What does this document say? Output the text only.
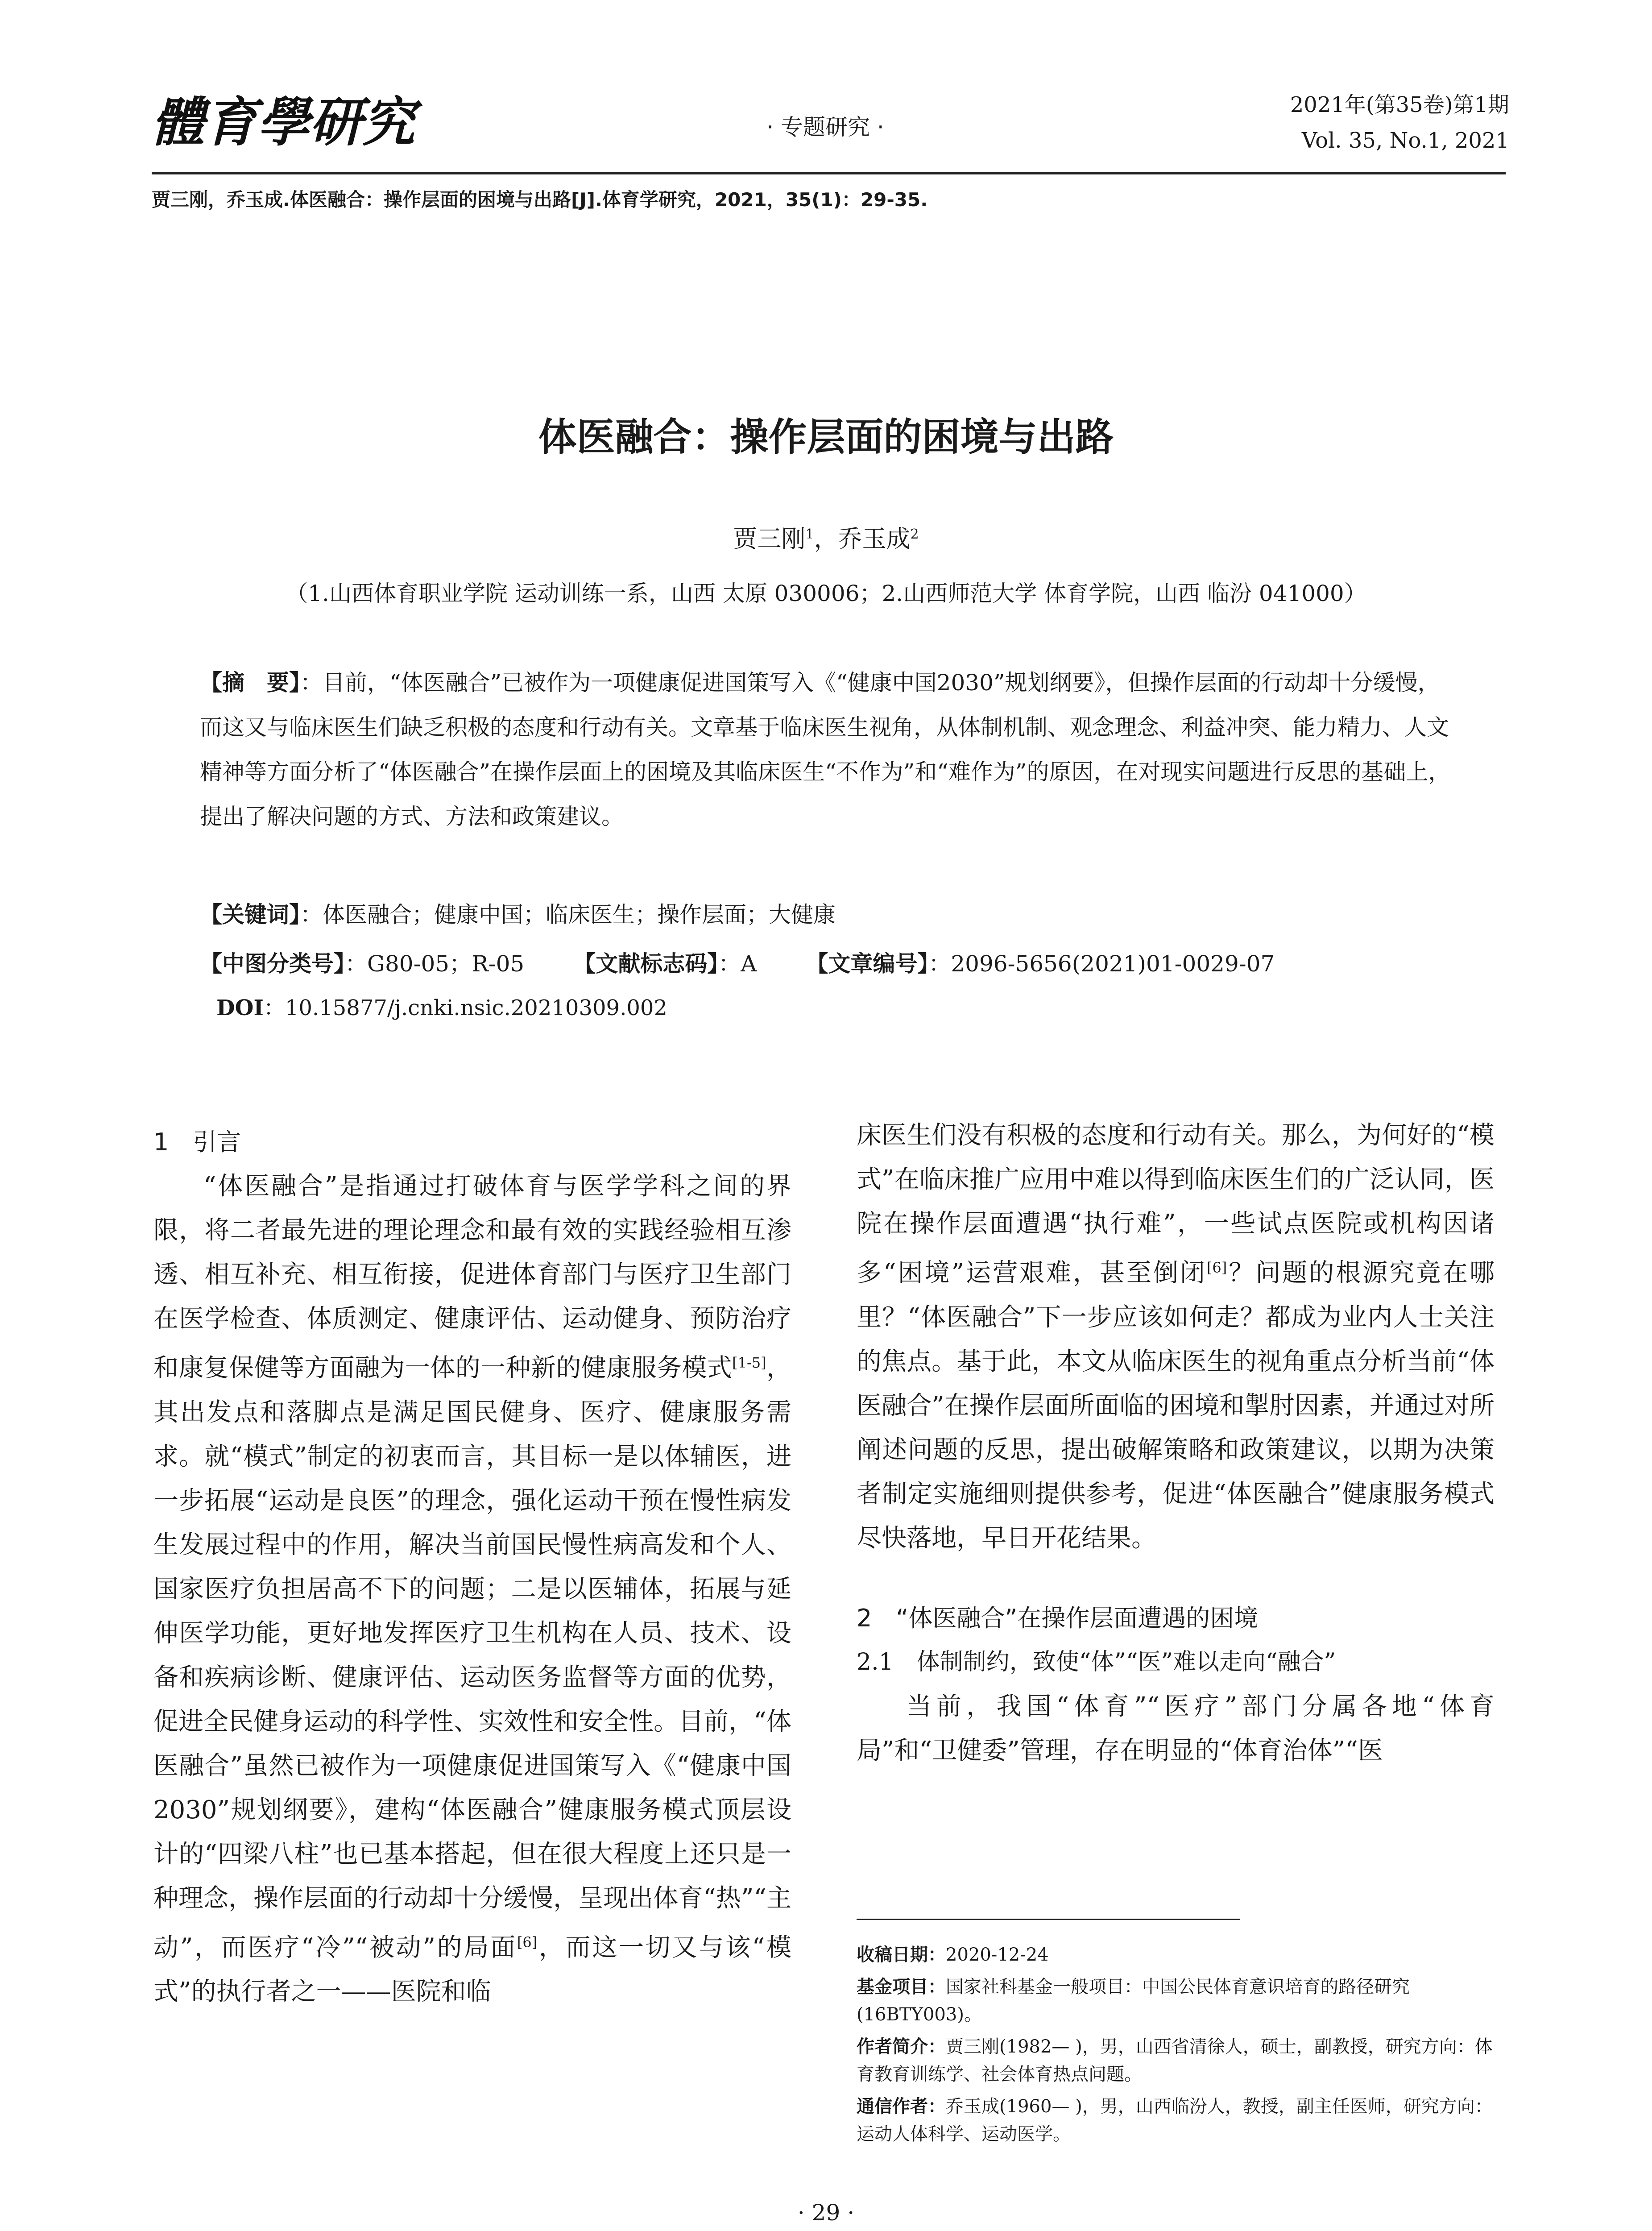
體育學研究	· 专题研究 ·
2021年(第35卷)第1期
Vol. 35, No.1, 2021
贾三刚，乔玉成.体医融合：操作层面的困境与出路[J].体育学研究，2021，35(1)：29-35.
体医融合：操作层面的困境与出路
贾三刚$^1$，乔玉成$^2$
（1.山西体育职业学院 运动训练一系，山西 太原 030006；2.山西师范大学 体育学院，山西 临汾 041000）
【摘　要】：目前，“体医融合”已被作为一项健康促进国策写入《“健康中国2030”规划纲要》，但操作层面的行动却十分缓慢，而这又与临床医生们缺乏积极的态度和行动有关。文章基于临床医生视角，从体制机制、观念理念、利益冲突、能力精力、人文精神等方面分析了“体医融合”在操作层面上的困境及其临床医生“不作为”和“难作为”的原因，在对现实问题进行反思的基础上，提出了解决问题的方式、方法和政策建议。
【关键词】：体医融合；健康中国；临床医生；操作层面；大健康
【中图分类号】：G80-05；R-05 【文献标志码】：A 【文章编号】：2096-5656(2021)01-0029-07
DOI：10.15877/j.cnki.nsic.20210309.002
1　引言
“体医融合”是指通过打破体育与医学学科之间的界限，将二者最先进的理论理念和最有效的实践经验相互渗透、相互补充、相互衔接，促进体育部门与医疗卫生部门在医学检查、体质测定、健康评估、运动健身、预防治疗和康复保健等方面融为一体的一种新的健康服务模式[1-5]，其出发点和落脚点是满足国民健身、医疗、健康服务需求。就“模式”制定的初衷而言，其目标一是以体辅医，进一步拓展“运动是良医”的理念，强化运动干预在慢性病发生发展过程中的作用，解决当前国民慢性病高发和个人、国家医疗负担居高不下的问题；二是以医辅体，拓展与延伸医学功能，更好地发挥医疗卫生机构在人员、技术、设备和疾病诊断、健康评估、运动医务监督等方面的优势，促进全民健身运动的科学性、实效性和安全性。目前，“体医融合”虽然已被作为一项健康促进国策写入《“健康中国2030”规划纲要》，建构“体医融合”健康服务模式顶层设计的“四梁八柱”也已基本搭起，但在很大程度上还只是一种理念，操作层面的行动却十分缓慢，呈现出体育“热”“主动”，而医疗“冷”“被动”的局面[6]，而这一切又与该“模式”的执行者之一——医院和临
床医生们没有积极的态度和行动有关。那么，为何好的“模式”在临床推广应用中难以得到临床医生们的广泛认同，医院在操作层面遭遇“执行难”，一些试点医院或机构因诸多“困境”运营艰难，甚至倒闭[6]？问题的根源究竟在哪里？“体医融合”下一步应该如何走？都成为业内人士关注的焦点。基于此，本文从临床医生的视角重点分析当前“体医融合”在操作层面所面临的困境和掣肘因素，并通过对所阐述问题的反思，提出破解策略和政策建议，以期为决策者制定实施细则提供参考，促进“体医融合”健康服务模式尽快落地，早日开花结果。
2　“体医融合”在操作层面遭遇的困境
2.1　体制制约，致使“体”“医”难以走向“融合”
当前，我国“体育”“医疗”部门分属各地“体育局”和“卫健委”管理，存在明显的“体育治体”“医

收稿日期：2020-12-24

基金项目：国家社科基金一般项目：中国公民体育意识培育的路径研究(16BTY003)。

作者简介：贾三刚(1982— )，男，山西省清徐人，硕士，副教授，研究方向：体育教育训练学、社会体育热点问题。

通信作者：乔玉成(1960— )，男，山西临汾人，教授，副主任医师，研究方向：运动人体科学、运动医学。

· 29 ·
